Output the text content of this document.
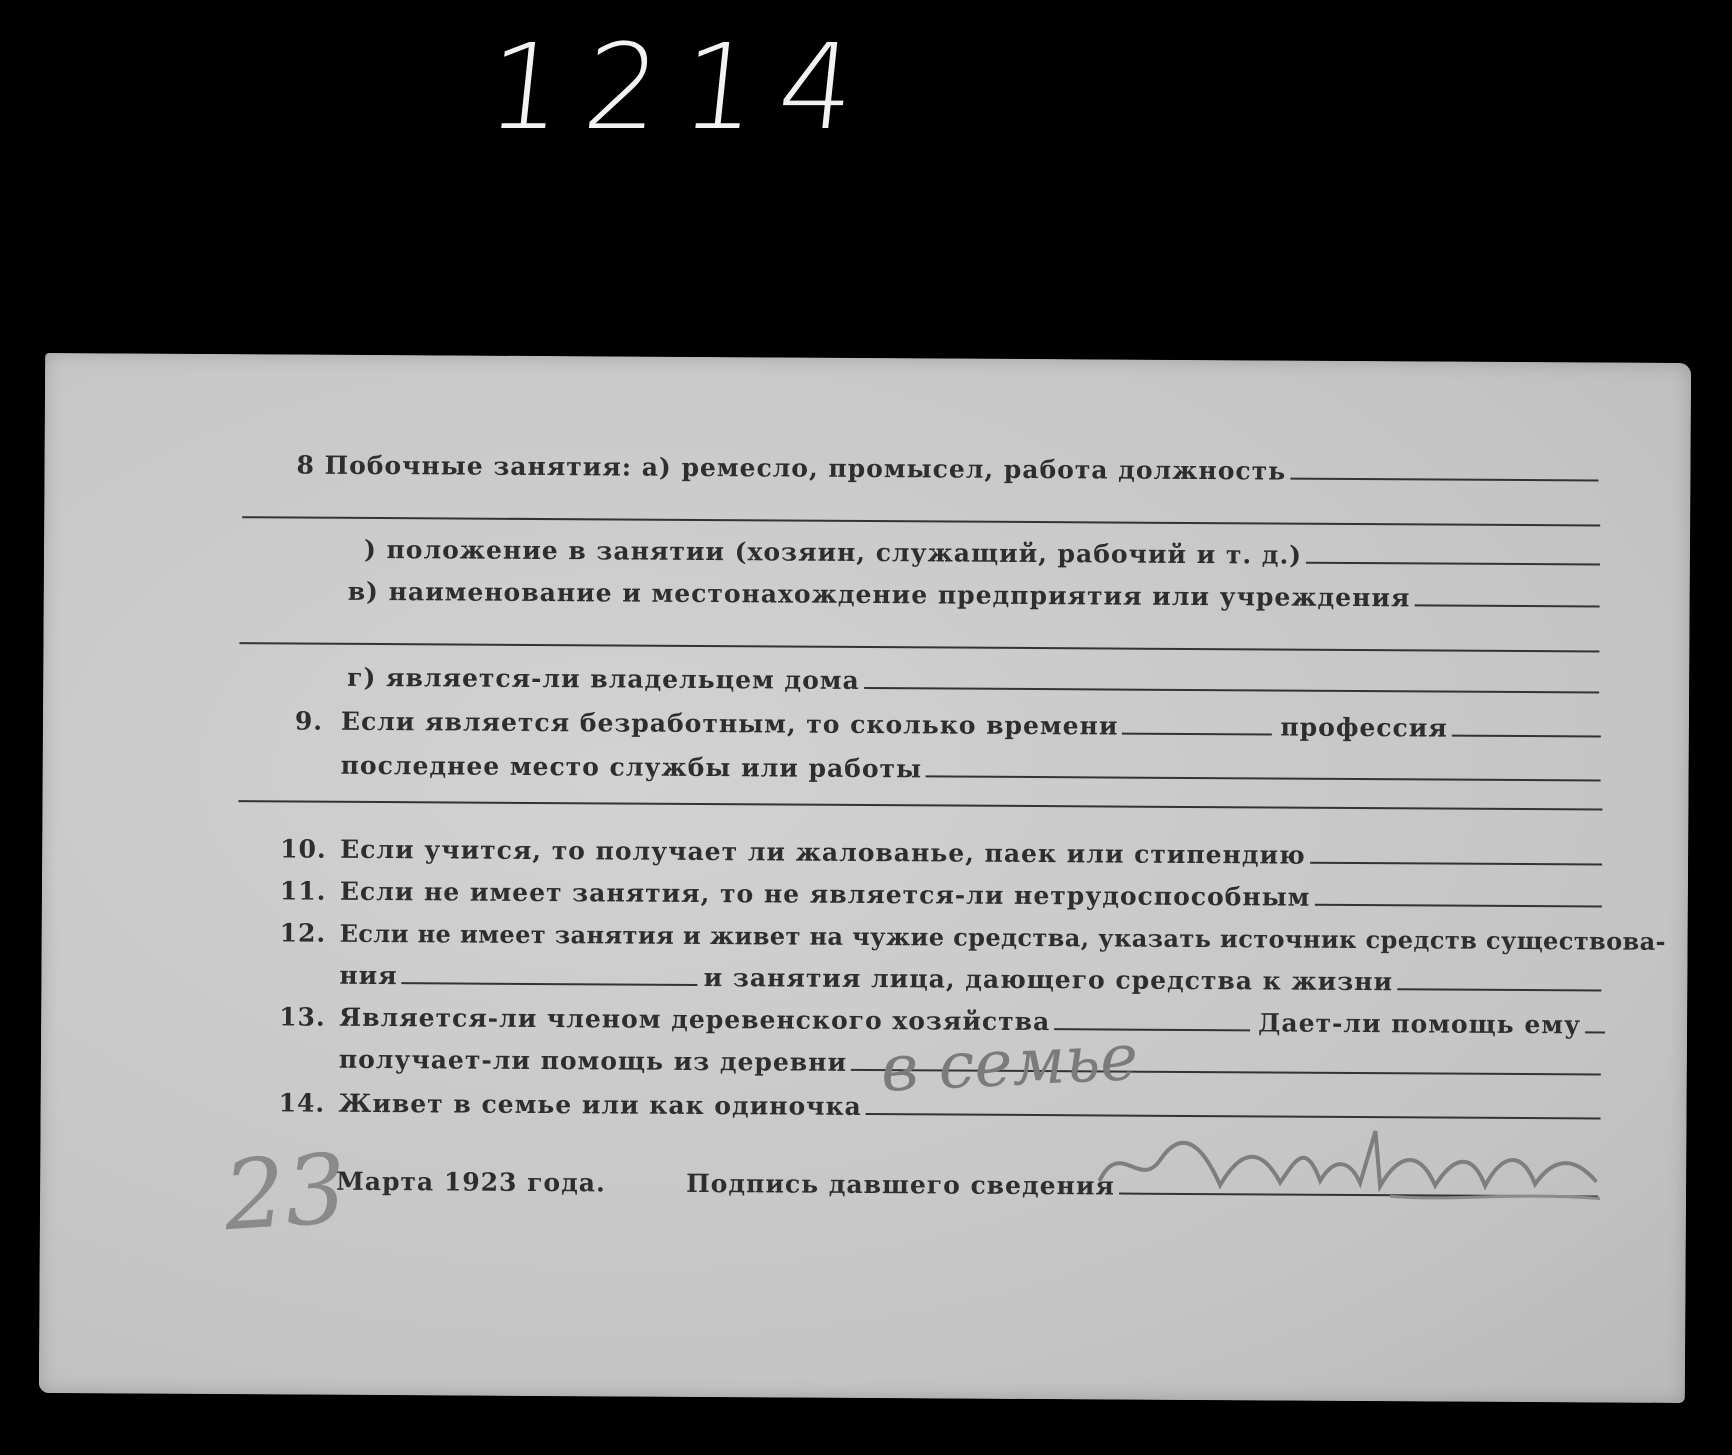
1214
8 Побочные занятия: а) ремесло, промысел, работа должность
) положение в занятии (хозяин, служащий, рабочий и т. д.)
в) наименование и местонахождение предприятия или учреждения
г) является-ли владельцем дома
9. Если является безработным, то сколько времени	профессия
последнее место службы или работы
10. Если учится, то получает ли жалованье, паек или стипендию
11. Если не имеет занятия, то не является-ли нетрудоспособным
12. Если не имеет занятия и живет на чужие средства, указать источник средств существова-
ния	и занятия лица, дающего средства к жизни
13. Является-ли членом деревенского хозяйства	Дает-ли помощь ему
получает-ли помощь из деревни
14. Живет в семье или как одиночка в семье
23
Марта 1923 года.	Подпись давшего сведения
